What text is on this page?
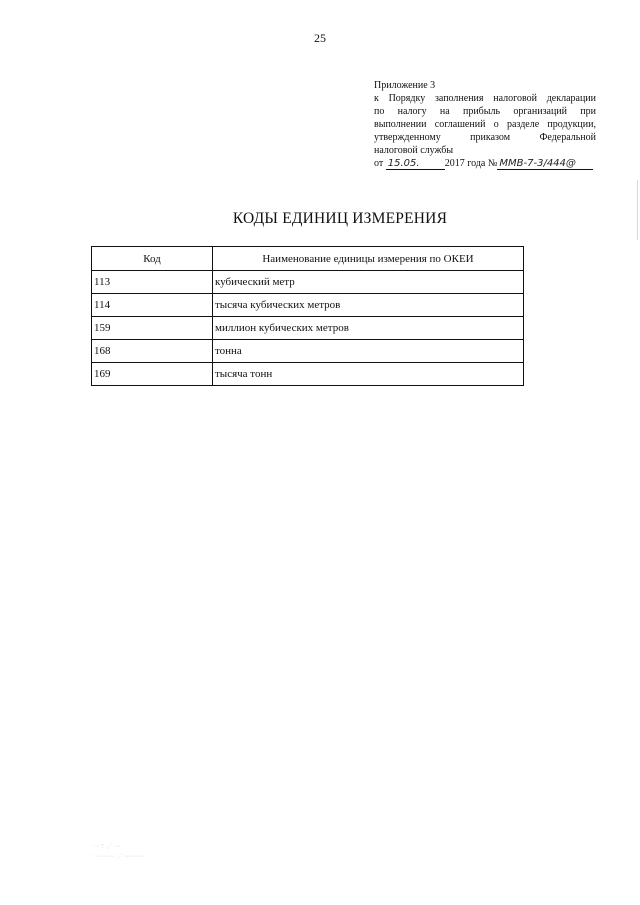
25
Приложение 3
к Порядку заполнения налоговой декларации
по налогу на прибыль организаций при
выполнении соглашений о разделе продукции,
утвержденному приказом Федеральной
налоговой службы
от 15.05.	2017 года № ММВ-7-3/444@
КОДЫ ЕДИНИЦ ИЗМЕРЕНИЯ
Код	Наименование единицы измерения по ОКЕИ
113	кубический метр
114	тысяча кубических метров
159	миллион кубических метров
168	тонна
169	тысяча тонн
⋅ ⋅ ∵ ⋰ ⋯
⋅ ⋯⋯⋯ ⋰ ⋯⋯⋯⋅
